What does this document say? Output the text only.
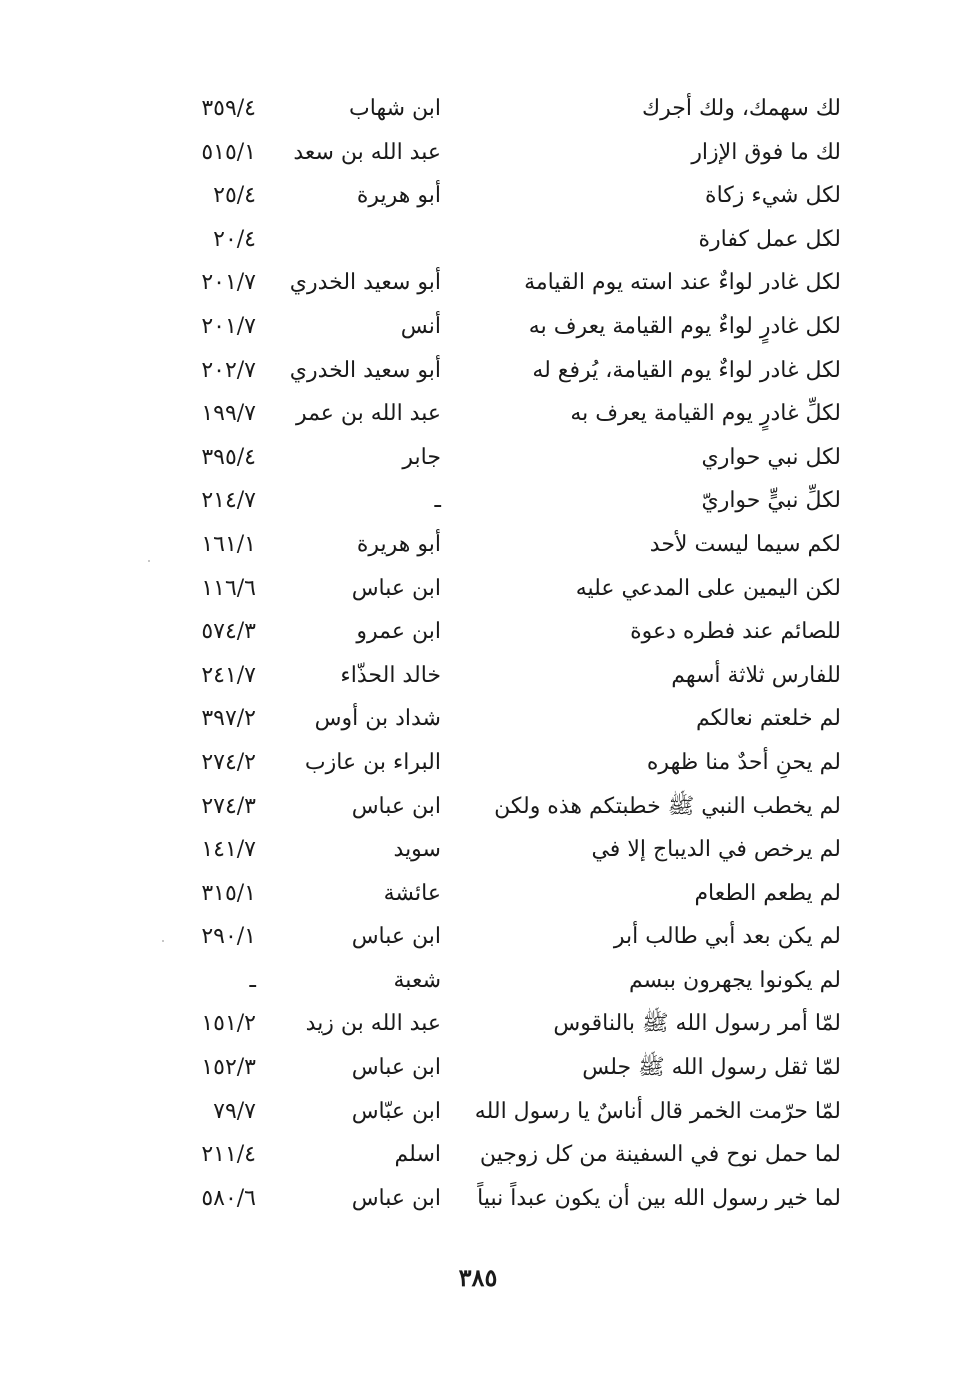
لك سهمك، ولك أجرك
ابن شهاب
٣٥٩/٤
لك ما فوق الإزار
عبد الله بن سعد
٥١٥/١
لكل شيء زكاة
أبو هريرة
٢٥/٤
لكل عمل كفارة
٢٠/٤
لكل غادر لواءٌ عند استه يوم القيامة
أبو سعيد الخدري
٢٠١/٧
لكل غادرٍ لواءٌ يوم القيامة يعرف به
أنس
٢٠١/٧
لكل غادر لواءٌ يوم القيامة، يُرفع له
أبو سعيد الخدري
٢٠٢/٧
لكلِّ غادرٍ يوم القيامة يعرف به
عبد الله بن عمر
١٩٩/٧
لكل نبي حواري
جابر
٣٩٥/٤
لكلِّ نبيٍّ حواريّ
ـ
٢١٤/٧
لكم سيما ليست لأحد
أبو هريرة
١٦١/١
لكن اليمين على المدعي عليه
ابن عباس
١١٦/٦
للصائم عند فطره دعوة
ابن عمرو
٥٧٤/٣
للفارس ثلاثة أسهم
خالد الحذّاء
٢٤١/٧
لم خلعتم نعالكم
شداد بن أوس
٣٩٧/٢
لم يحنِ أحدٌ منا ظهره
البراء بن عازب
٢٧٤/٢
لم يخطب النبي ﷺ خطبتكم هذه ولكن
ابن عباس
٢٧٤/٣
لم يرخص في الديباج إلا في
سويد
١٤١/٧
لم يطعم الطعام
عائشة
٣١٥/١
لم يكن بعد أبي طالب أبر
ابن عباس
٢٩٠/١
لم يكونوا يجهرون ببسم
شعبة
ـ
لمّا أمر رسول الله ﷺ بالناقوس
عبد الله بن زيد
١٥١/٢
لمّا ثقل رسول الله ﷺ جلس
ابن عباس
١٥٢/٣
لمّا حرّمت الخمر قال أناسٌ يا رسول الله
ابن عبّاس
٧٩/٧
لما حمل نوح في السفينة من كل زوجين
اسلم
٢١١/٤
لما خير رسول الله بين أن يكون عبداً نبياً
ابن عباس
٥٨٠/٦
٣٨٥
